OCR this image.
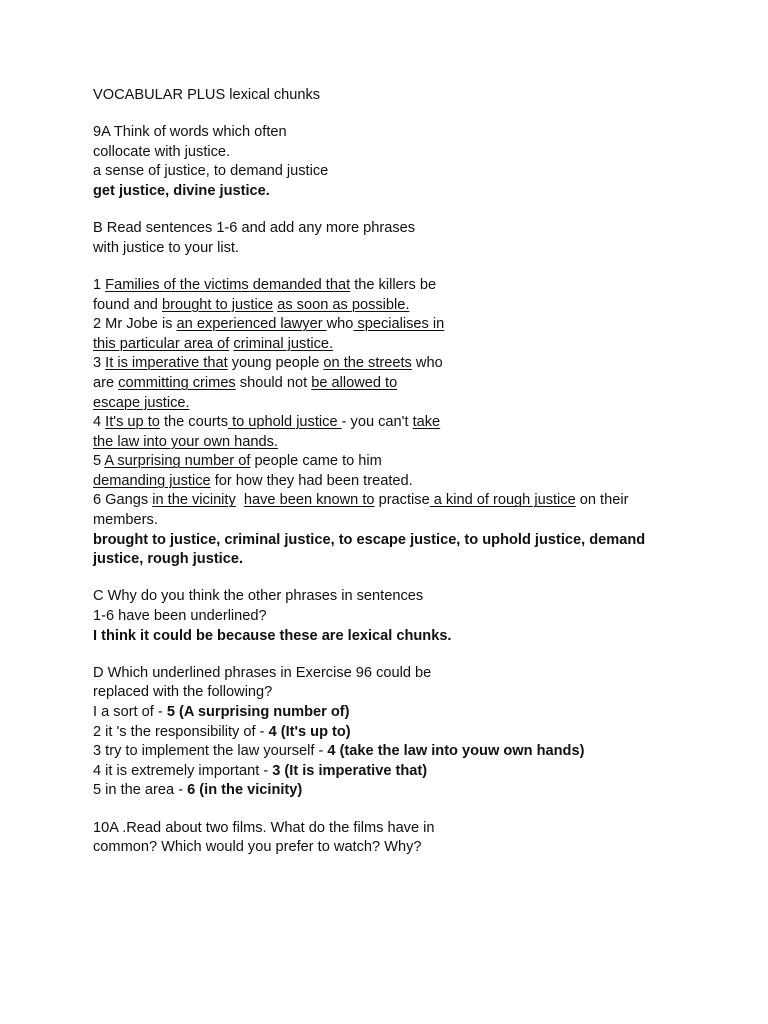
VOCABULAR PLUS lexical chunks
9A Think of words which often
collocate with justice.
a sense of justice, to demand justice
get justice, divine justice.
B Read sentences 1-6 and add any more phrases
with justice to your list.
1 Families of the victims demanded that the killers be
found and brought to justice as soon as possible.
2 Mr Jobe is an experienced lawyer who specialises in
this particular area of criminal justice.
3 It is imperative that young people on the streets who
are committing crimes should not be allowed to
escape justice.
4 It's up to the courts to uphold justice - you can't take
the law into your own hands.
5 A surprising number of people came to him
demanding justice for how they had been treated.
6 Gangs in the vicinity have been known to practise a kind of rough justice on their
members.
brought to justice, criminal justice, to escape justice, to uphold justice, demand
justice, rough justice.
C Why do you think the other phrases in sentences
1-6 have been underlined?
I think it could be because these are lexical chunks.
D Which underlined phrases in Exercise 96 could be
replaced with the following?
I a sort of - 5 (A surprising number of)
2 it 's the responsibility of - 4 (It's up to)
3 try to implement the law yourself - 4 (take the law into youw own hands)
4 it is extremely important - 3 (It is imperative that)
5 in the area - 6 (in the vicinity)
10A .Read about two films. What do the films have in
common? Which would you prefer to watch? Why?
